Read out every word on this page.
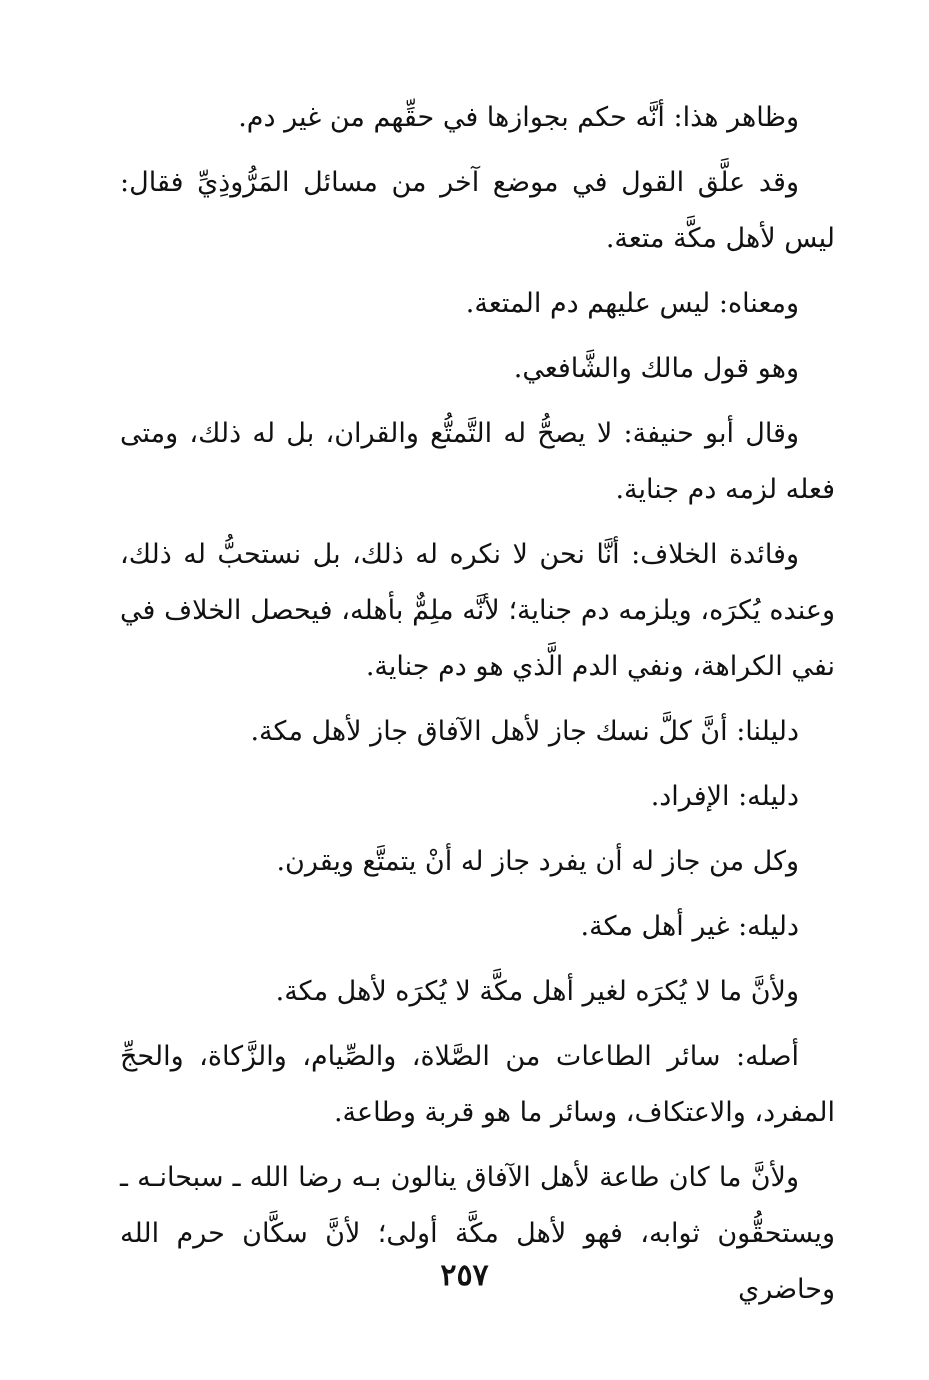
وظاهر هذا: أنَّه حكم بجوازها في حقِّهم من غير دم.

وقد علَّق القول في موضع آخر من مسائل المَرُّوذِيِّ فقال: ليس لأهل مكَّة متعة.

ومعناه: ليس عليهم دم المتعة.

وهو قول مالك والشَّافعي.

وقال أبو حنيفة: لا يصحُّ له التَّمتُّع والقران، بل له ذلك، ومتى فعله لزمه دم جناية.

وفائدة الخلاف: أنَّا نحن لا نكره له ذلك، بل نستحبُّ له ذلك، وعنده يُكرَه، ويلزمه دم جناية؛ لأنَّه ملِمٌّ بأهله، فيحصل الخلاف في نفي الكراهة، ونفي الدم الَّذي هو دم جناية.

دليلنا: أنَّ كلَّ نسك جاز لأهل الآفاق جاز لأهل مكة.

دليله: الإفراد.

وكل من جاز له أن يفرد جاز له أنْ يتمتَّع ويقرن.

دليله: غير أهل مكة.

ولأنَّ ما لا يُكرَه لغير أهل مكَّة لا يُكرَه لأهل مكة.

أصله: سائر الطاعات من الصَّلاة، والصِّيام، والزَّكاة، والحجِّ المفرد، والاعتكاف، وسائر ما هو قربة وطاعة.

ولأنَّ ما كان طاعة لأهل الآفاق ينالون بـه رضا الله ـ سبحانـه ـ ويستحقُّون ثوابه، فهو لأهل مكَّة أولى؛ لأنَّ سكَّان حرم الله وحاضري

٢٥٧
